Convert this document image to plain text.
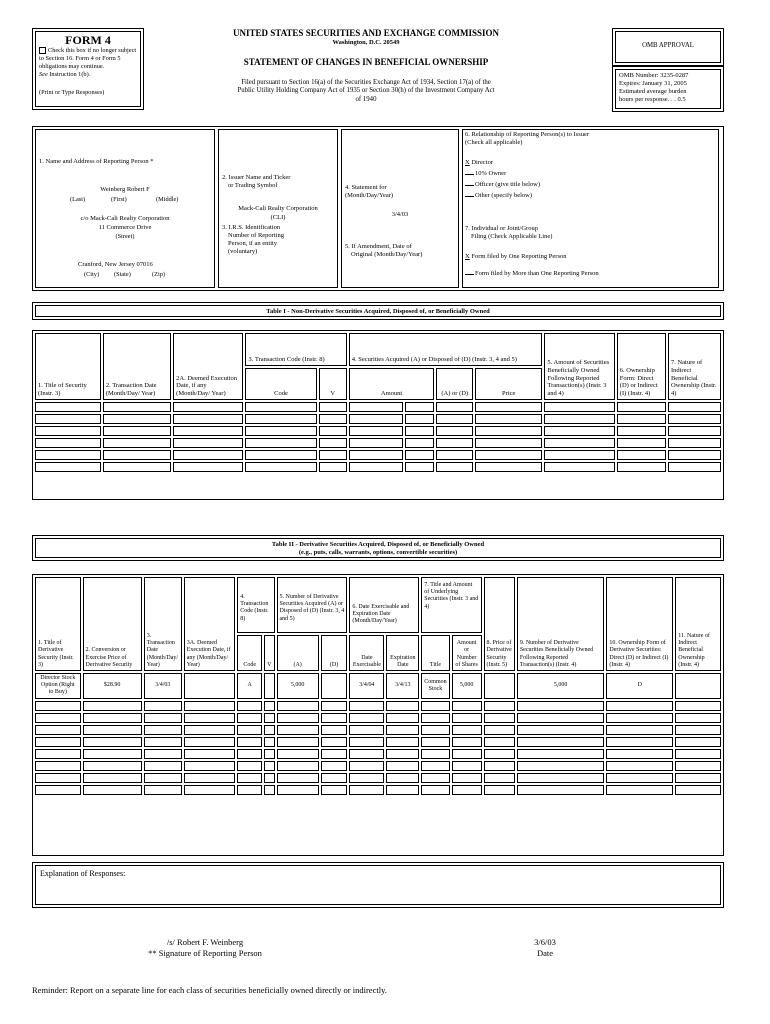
FORM 4
Check this box if no longer subject to Section 16. Form 4 or Form 5 obligations may continue.
See Instruction 1(b).
(Print or Type Responses)
UNITED STATES SECURITIES AND EXCHANGE COMMISSION
Washington, D.C. 20549
STATEMENT OF CHANGES IN BENEFICIAL OWNERSHIP
Filed pursuant to Section 16(a) of the Securities Exchange Act of 1934, Section 17(a) of the Public Utility Holding Company Act of 1935 or Section 30(h) of the Investment Company Act of 1940
OMB APPROVAL
OMB Number: 3235-0287
Expires: January 31, 2005
Estimated average burden
hours per response. . . 0.5
1. Name and Address of Reporting Person *
Weinberg Robert F
(Last)	(First)	(Middle)
c/o Mack-Cali Realty Corporation
11 Commerce Drive
(Street)
Cranford, New Jersey 07016
(City) (State)	(Zip)
2. Issuer Name and Ticker
or Trading Symbol
Mack-Cali Realty Corporation
(CLI)
3. I.R.S. Identification
Number of Reporting
Person, if an entity
(voluntary)
4. Statement for
(Month/Day/Year)
3/4/03
5. If Amendment, Date of
Original (Month/Day/Year)
6. Relationship of Reporting Person(s) to Issuer
(Check all applicable)
X Director
10% Owner
Officer (give title below)
Other (specify below)
7. Individual or Joint/Group
Filing (Check Applicable Line)
X Form filed by One Reporting Person
Form filed by More than One Reporting Person
Table I - Non-Derivative Securities Acquired, Disposed of, or Beneficially Owned
1. Title of Security (Instr. 3)	2. Transaction Date (Month/Day/ Year)	2A. Deemed Execution Date, if any (Month/Day/ Year)	3. Transaction Code (Instr. 8)		4. Securities Acquired (A) or Disposed of (D) (Instr. 3, 4 and 5)				5. Amount of Securities Beneficially Owned Following Reported Transaction(s) (Instr. 3 and 4)	6. Ownership Form: Direct (D) or Indirect (I) (Instr. 4)	7. Nature of Indirect Beneficial Ownership (Instr. 4)
			Code	V	Amount		(A) or (D)	Price			

Table II - Derivative Securities Acquired, Disposed of, or Beneficially Owned
(e.g., puts, calls, warrants, options, convertible securities)
1. Title of Derivative Security (Instr. 3)	2. Conversion or Exercise Price of Derivative Security	3. Transaction Date (Month/Day/ Year)	3A. Deemed Execution Date, if any (Month/Day/ Year)	4. Transaction Code (Instr. 8)		5. Number of Derivative Securities Acquired (A) or Disposed of (D) (Instr. 3, 4 and 5)		6. Date Exercisable and Expiration Date (Month/Day/Year)		7. Title and Amount of Underlying Securities (Instr. 3 and 4)		8. Price of Derivative Security (Instr. 5)	9. Number of Derivative Securities Beneficially Owned Following Reported Transaction(s) (Instr. 4)	10. Ownership Form of Derivative Securities: Direct (D) or Indirect (I) (Instr. 4)	11. Nature of Indirect Beneficial Ownership (Instr. 4)
				Code	V	(A)	(D)	Date Exercisable	Expiration Date	Title	Amount or Number of Shares				
Director Stock Option (Right to Buy)	$28.90	3/4/03		A		5,000		3/4/04	3/4/13	Common Stock	5,000		5,000	D	

Explanation of Responses:
/s/ Robert F. Weinberg
** Signature of Reporting Person
3/6/03
Date
Reminder: Report on a separate line for each class of securities beneficially owned directly or indirectly.
